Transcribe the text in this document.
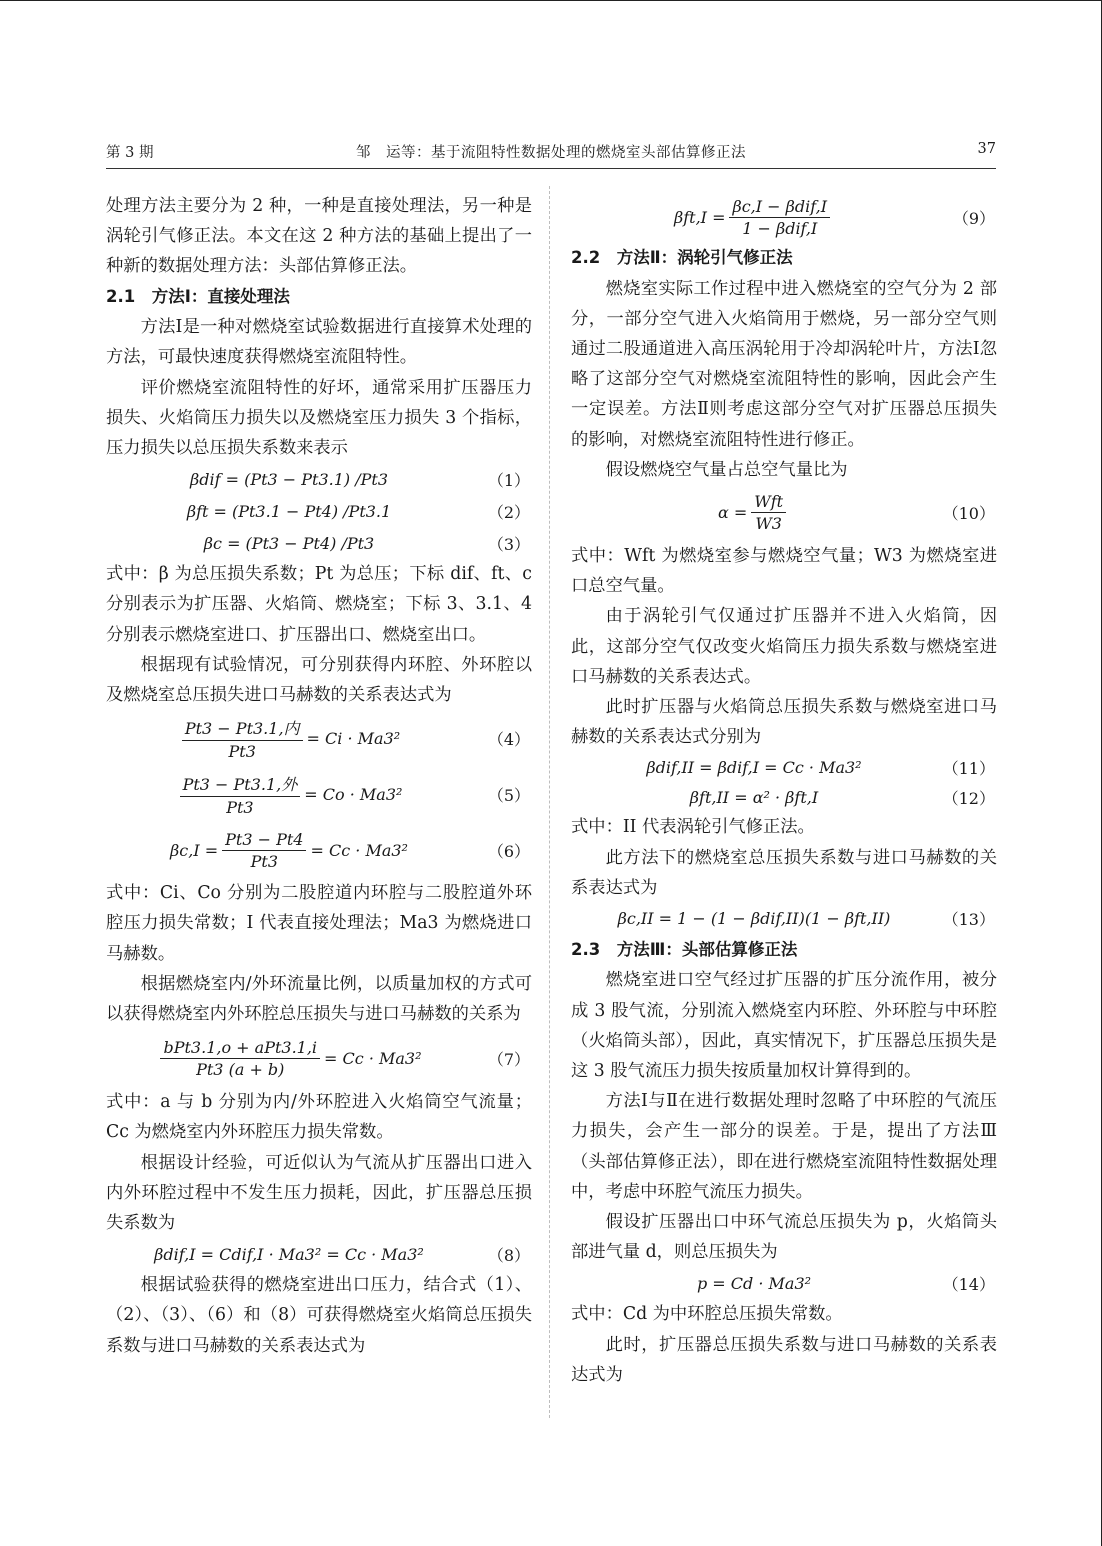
第 3 期	邹　运等：基于流阻特性数据处理的燃烧室头部估算修正法	37

处理方法主要分为 2 种，一种是直接处理法，另一种是涡轮引气修正法。本文在这 2 种方法的基础上提出了一种新的数据处理方法：头部估算修正法。

2.1　方法Ⅰ：直接处理法

方法Ⅰ是一种对燃烧室试验数据进行直接算术处理的方法，可最快速度获得燃烧室流阻特性。

评价燃烧室流阻特性的好坏，通常采用扩压器压力损失、火焰筒压力损失以及燃烧室压力损失 3 个指标，压力损失以总压损失系数来表示

βdif = (Pt3 − Pt3.1) /Pt3	（1）
βft = (Pt3.1 − Pt4) /Pt3.1	（2）
βc = (Pt3 − Pt4) /Pt3	（3）

式中：β 为总压损失系数；Pt 为总压；下标 dif、ft、c 分别表示为扩压器、火焰筒、燃烧室；下标 3、3.1、4 分别表示燃烧室进口、扩压器出口、燃烧室出口。

根据现有试验情况，可分别获得内环腔、外环腔以及燃烧室总压损失进口马赫数的关系表达式为

$\frac{\text{Pt3 − Pt3.1,内}}{Pt3} = Ci \cdot Ma3^2$	（4）
$\frac{\text{Pt3 − Pt3.1,外}}{Pt3} = Co \cdot Ma3^2$	（5）
$\beta c,I = \frac{Pt3 - Pt4}{Pt3} = Cc \cdot Ma3^2$	（6）

式中：Ci、Co 分别为二股腔道内环腔与二股腔道外环腔压力损失常数；I 代表直接处理法；Ma3 为燃烧进口马赫数。

根据燃烧室内/外环流量比例，以质量加权的方式可以获得燃烧室内外环腔总压损失与进口马赫数的关系为

$\frac{\text{bPt3.1,o + aPt3.1,i}}{Pt3 (a + b)} = Cc \cdot Ma3^2$	（7）

式中：a 与 b 分别为内/外环腔进入火焰筒空气流量；Cc 为燃烧室内外环腔压力损失常数。

根据设计经验，可近似认为气流从扩压器出口进入内外环腔过程中不发生压力损耗，因此，扩压器总压损失系数为

βdif,I = Cdif,I · Ma3² = Cc · Ma3²	（8）

根据试验获得的燃烧室进出口压力，结合式（1）、（2）、（3）、（6）和（8）可获得燃烧室火焰筒总压损失系数与进口马赫数的关系表达式为

$\beta ft,I = \frac{\text{βc,I − βdif,I}}{\text{1 − βdif,I}}$	（9）
2.2　方法Ⅱ：涡轮引气修正法

燃烧室实际工作过程中进入燃烧室的空气分为 2 部分，一部分空气进入火焰筒用于燃烧，另一部分空气则通过二股通道进入高压涡轮用于冷却涡轮叶片，方法Ⅰ忽略了这部分空气对燃烧室流阻特性的影响，因此会产生一定误差。方法Ⅱ则考虑这部分空气对扩压器总压损失的影响，对燃烧室流阻特性进行修正。

假设燃烧空气量占总空气量比为

$\alpha = \frac{\text{Wft}}{W3}$	（10）

式中：Wft 为燃烧室参与燃烧空气量；W3 为燃烧室进口总空气量。

由于涡轮引气仅通过扩压器并不进入火焰筒，因此，这部分空气仅改变火焰筒压力损失系数与燃烧室进口马赫数的关系表达式。

此时扩压器与火焰筒总压损失系数与燃烧室进口马赫数的关系表达式分别为

βdif,II = βdif,I = Cc · Ma3²	（11）
βft,II = α² · βft,I	（12）

式中：II 代表涡轮引气修正法。

此方法下的燃烧室总压损失系数与进口马赫数的关系表达式为

βc,II = 1 − (1 − βdif,II)(1 − βft,II)	（13）
2.3　方法Ⅲ：头部估算修正法

燃烧室进口空气经过扩压器的扩压分流作用，被分成 3 股气流，分别流入燃烧室内环腔、外环腔与中环腔（火焰筒头部），因此，真实情况下，扩压器总压损失是这 3 股气流压力损失按质量加权计算得到的。

方法Ⅰ与Ⅱ在进行数据处理时忽略了中环腔的气流压力损失，会产生一部分的误差。于是，提出了方法Ⅲ（头部估算修正法），即在进行燃烧室流阻特性数据处理中，考虑中环腔气流压力损失。

假设扩压器出口中环气流总压损失为 p，火焰筒头部进气量 d，则总压损失为

p = Cd · Ma3²	（14）

式中：Cd 为中环腔总压损失常数。

此时，扩压器总压损失系数与进口马赫数的关系表达式为
